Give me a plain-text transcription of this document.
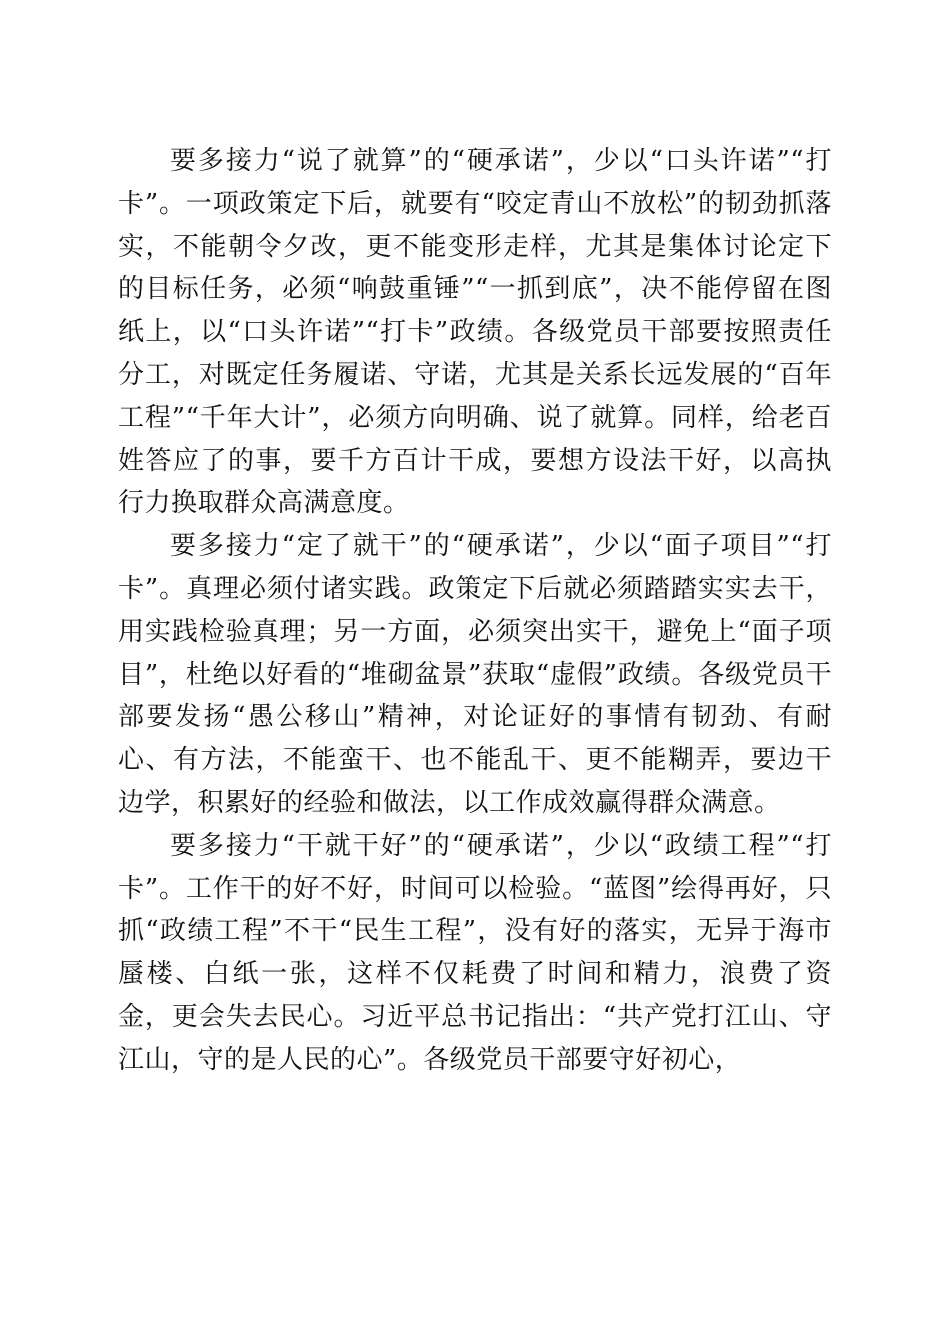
要多接力“说了就算”的“硬承诺”，少以“口头许诺”“打卡”。一项政策定下后，就要有“咬定青山不放松”的韧劲抓落实，不能朝令夕改，更不能变形走样，尤其是集体讨论定下的目标任务，必须“响鼓重锤”“一抓到底”，决不能停留在图纸上，以“口头许诺”“打卡”政绩。各级党员干部要按照责任分工，对既定任务履诺、守诺，尤其是关系长远发展的“百年工程”“千年大计”，必须方向明确、说了就算。同样，给老百姓答应了的事，要千方百计干成，要想方设法干好，以高执行力换取群众高满意度。

要多接力“定了就干”的“硬承诺”，少以“面子项目”“打卡”。真理必须付诸实践。政策定下后就必须踏踏实实去干，用实践检验真理；另一方面，必须突出实干，避免上“面子项目”，杜绝以好看的“堆砌盆景”获取“虚假”政绩。各级党员干部要发扬“愚公移山”精神，对论证好的事情有韧劲、有耐心、有方法，不能蛮干、也不能乱干、更不能糊弄，要边干边学，积累好的经验和做法，以工作成效赢得群众满意。

要多接力“干就干好”的“硬承诺”，少以“政绩工程”“打卡”。工作干的好不好，时间可以检验。“蓝图”绘得再好，只抓“政绩工程”不干“民生工程”，没有好的落实，无异于海市蜃楼、白纸一张，这样不仅耗费了时间和精力，浪费了资金，更会失去民心。习近平总书记指出：“共产党打江山、守江山，守的是人民的心”。各级党员干部要守好初心，
